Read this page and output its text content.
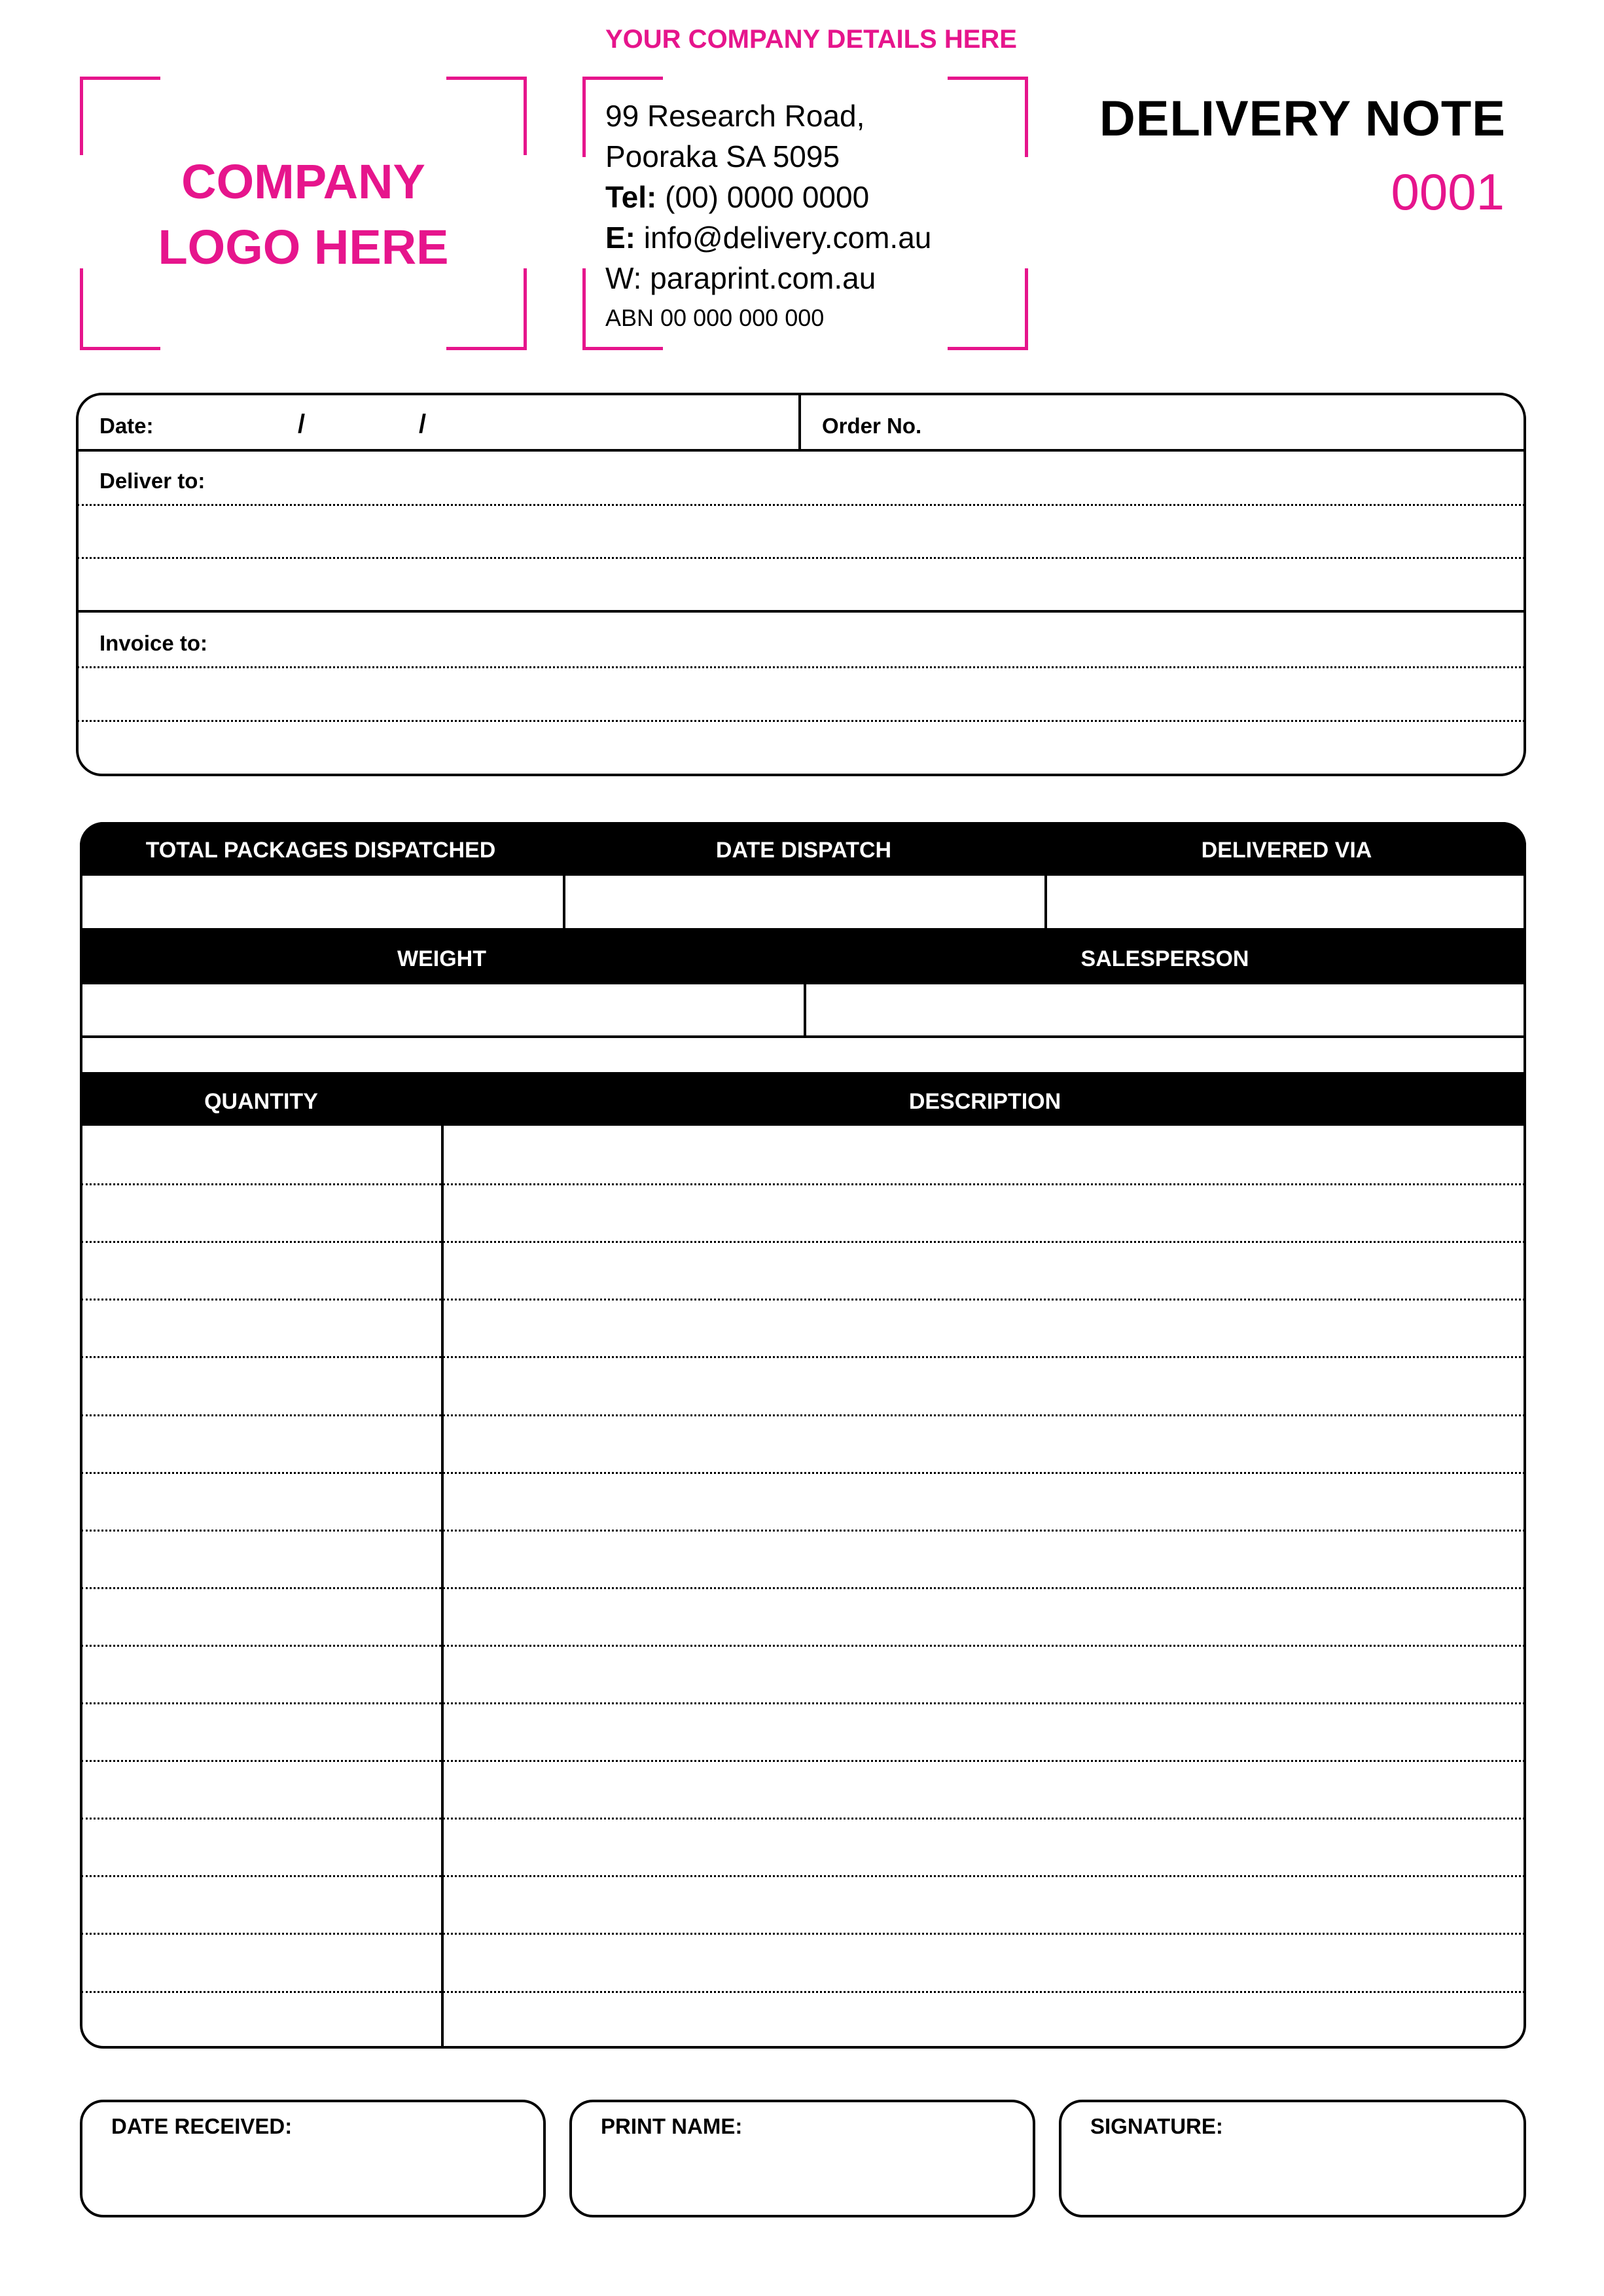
YOUR COMPANY DETAILS HERE
COMPANY
LOGO HERE
99 Research Road,
Pooraka SA 5095
Tel: (00) 0000 0000
E: info@delivery.com.au
W: paraprint.com.au
ABN 00 000 000 000
DELIVERY NOTE
0001
Date:	/	/	Order No.
Deliver to:
Invoice to:
TOTAL PACKAGES DISPATCHED	DATE DISPATCH	DELIVERED VIA
WEIGHT	SALESPERSON
QUANTITY	DESCRIPTION
DATE RECEIVED:	PRINT NAME:	SIGNATURE:
